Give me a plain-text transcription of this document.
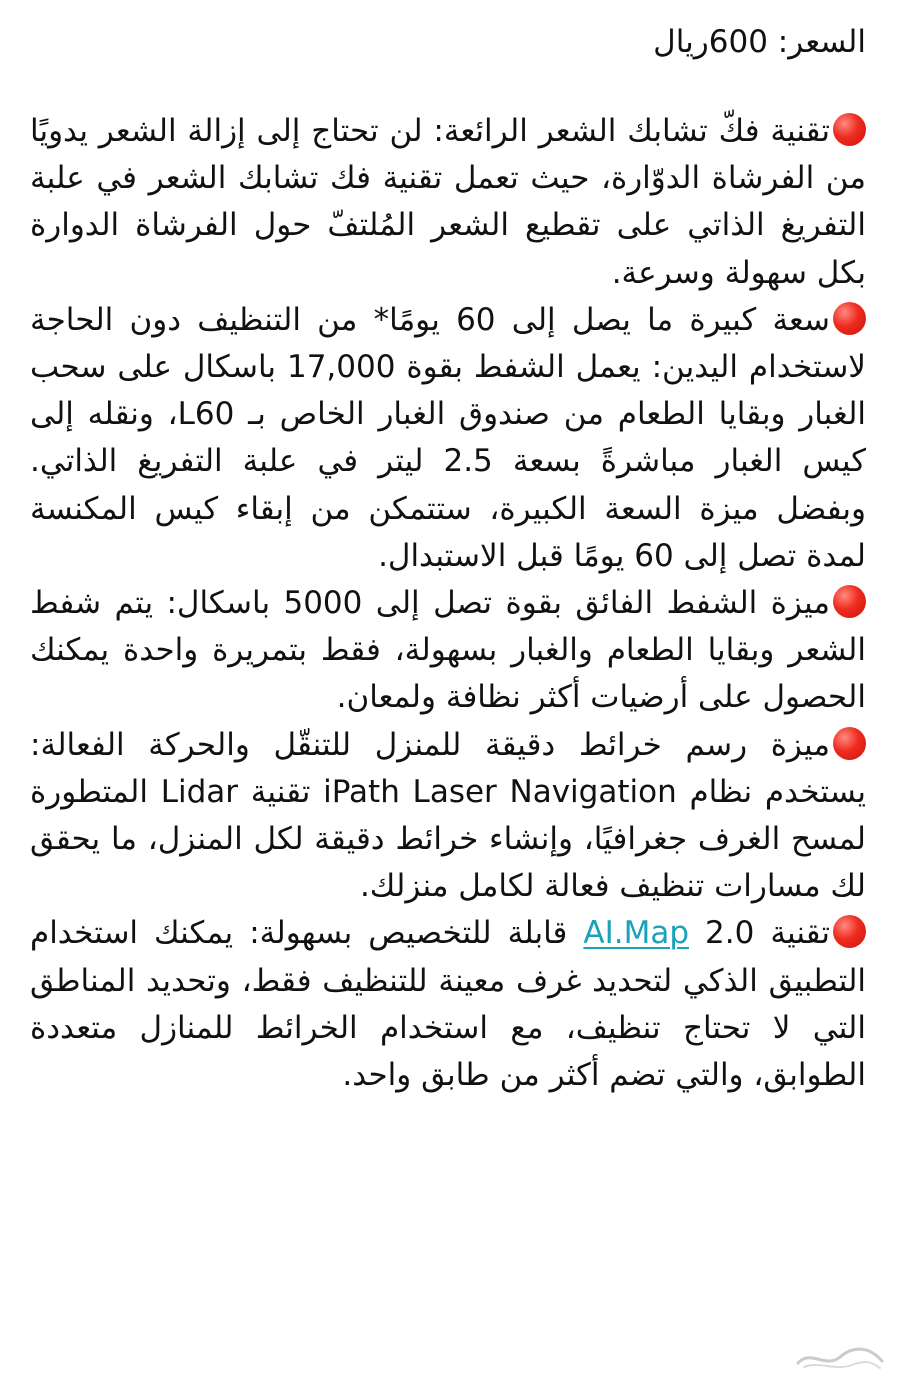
السعر: 600ريال

تقنية فكّ تشابك الشعر الرائعة: لن تحتاج إلى إزالة الشعر يدويًا من الفرشاة الدوّارة، حيث تعمل تقنية فك تشابك الشعر في علبة التفريغ الذاتي على تقطيع الشعر المُلتفّ حول الفرشاة الدوارة بكل سهولة وسرعة.

سعة كبيرة ما يصل إلى 60 يومًا* من التنظيف دون الحاجة لاستخدام اليدين: يعمل الشفط بقوة 17,000 باسكال على سحب الغبار وبقايا الطعام من صندوق الغبار الخاص بـ L60، ونقله إلى كيس الغبار مباشرةً بسعة 2.5 ليتر في علبة التفريغ الذاتي. وبفضل ميزة السعة الكبيرة، ستتمكن من إبقاء كيس المكنسة لمدة تصل إلى 60 يومًا قبل الاستبدال.

ميزة الشفط الفائق بقوة تصل إلى 5000 باسكال: يتم شفط الشعر وبقايا الطعام والغبار بسهولة، فقط بتمريرة واحدة يمكنك الحصول على أرضيات أكثر نظافة ولمعان.

ميزة رسم خرائط دقيقة للمنزل للتنقّل والحركة الفعالة: يستخدم نظام iPath Laser Navigation تقنية Lidar المتطورة لمسح الغرف جغرافيًا، وإنشاء خرائط دقيقة لكل المنزل، ما يحقق لك مسارات تنظيف فعالة لكامل منزلك.

تقنية 2.0 AI.Map قابلة للتخصيص بسهولة: يمكنك استخدام التطبيق الذكي لتحديد غرف معينة للتنظيف فقط، وتحديد المناطق التي لا تحتاج تنظيف، مع استخدام الخرائط للمنازل متعددة الطوابق، والتي تضم أكثر من طابق واحد.
